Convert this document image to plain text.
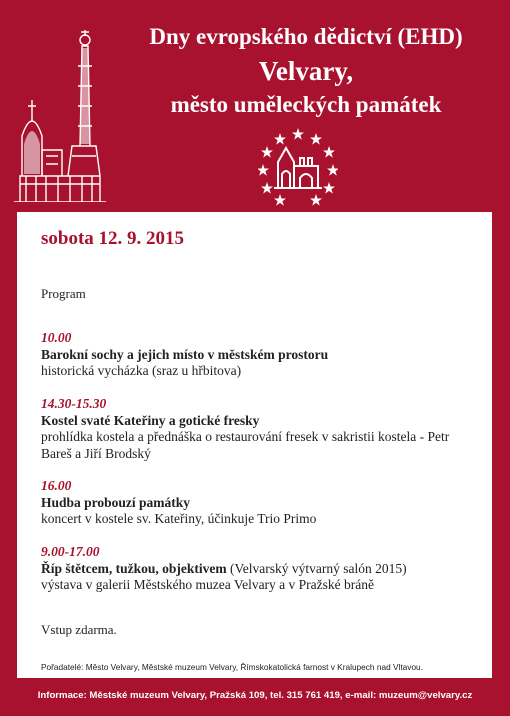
Dny evropského dědictví (EHD)
Velvary,
město uměleckých památek
sobota 12. 9. 2015
Program
10.00
Barokní sochy a jejich místo v městském prostoru
historická vycházka (sraz u hřbitova)
14.30-15.30
Kostel svaté Kateřiny a gotické fresky
prohlídka kostela a přednáška o restaurování fresek v sakristii kostela - Petr Bareš a Jiří Brodský
16.00
Hudba probouzí památky
koncert v kostele sv. Kateřiny, účinkuje Trio Primo
9.00-17.00
Říp štětcem, tužkou, objektivem (Velvarský výtvarný salón 2015)
výstava v galerii Městského muzea Velvary a v Pražské bráně
Vstup zdarma.
Pořadatelé: Město Velvary, Městské muzeum Velvary, Římskokatolická farnost v Kralupech nad Vltavou.
Informace: Městské muzeum Velvary, Pražská 109, tel. 315 761 419, e-mail: muzeum@velvary.cz
